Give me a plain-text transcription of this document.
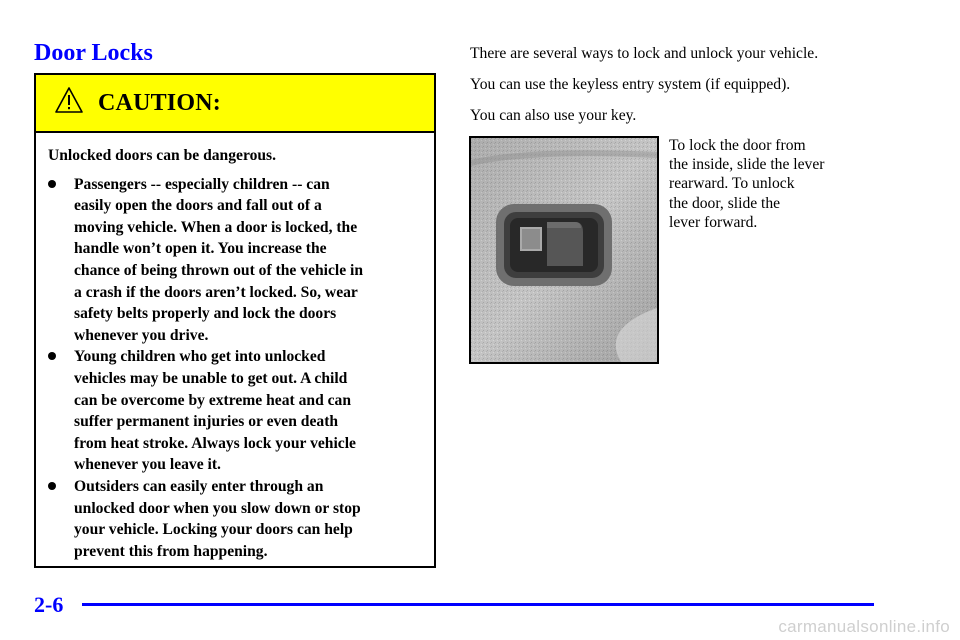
Door Locks
CAUTION:

Unlocked doors can be dangerous.

Passengers -- especially children -- can
easily open the doors and fall out of a
moving vehicle. When a door is locked, the
handle won’t open it. You increase the
chance of being thrown out of the vehicle in
a crash if the doors aren’t locked. So, wear
safety belts properly and lock the doors
whenever you drive.
Young children who get into unlocked
vehicles may be unable to get out. A child
can be overcome by extreme heat and can
suffer permanent injuries or even death
from heat stroke. Always lock your vehicle
whenever you leave it.
Outsiders can easily enter through an
unlocked door when you slow down or stop
your vehicle. Locking your doors can help
prevent this from happening.

There are several ways to lock and unlock your vehicle.

You can use the keyless entry system (if equipped).

You can also use your key.

To lock the door from
the inside, slide the lever
rearward. To unlock
the door, slide the
lever forward.
2-6
carmanualsonline.info
